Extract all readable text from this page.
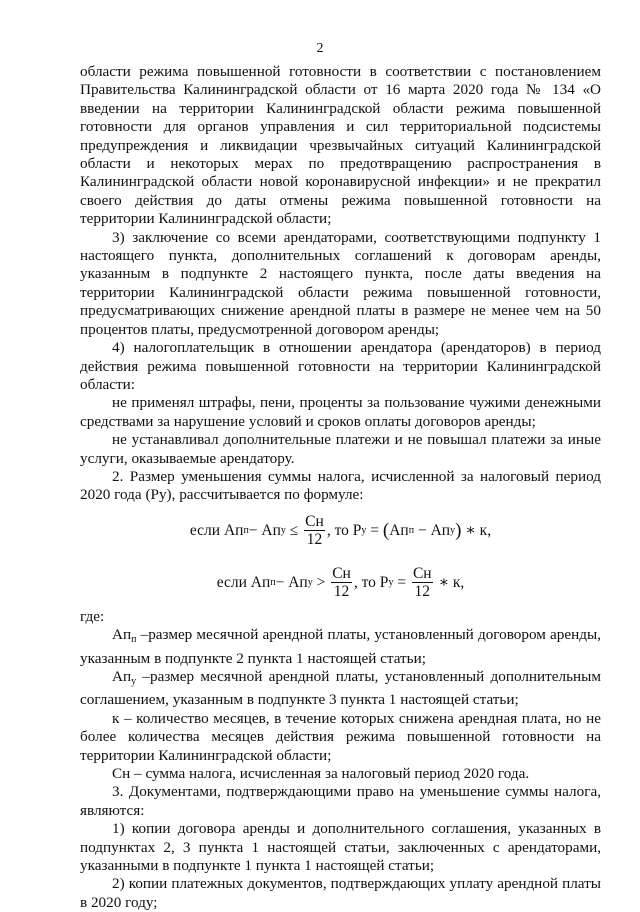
2

области режима повышенной готовности в соответствии с постановлением Правительства Калининградской области от 16 марта 2020 года № 134 «О введении на территории Калининградской области режима повышенной готовности для органов управления и сил территориальной подсистемы предупреждения и ликвидации чрезвычайных ситуаций Калининградской области и некоторых мерах по предотвращению распространения в Калининградской области новой коронавирусной инфекции» и не прекратил своего действия до даты отмены режима повышенной готовности на территории Калининградской области;

3) заключение со всеми арендаторами, соответствующими подпункту 1 настоящего пункта, дополнительных соглашений к договорам аренды, указанным в подпункте 2 настоящего пункта, после даты введения на территории Калининградской области режима повышенной готовности, предусматривающих снижение арендной платы в размере не менее чем на 50 процентов платы, предусмотренной договором аренды;

4) налогоплательщик в отношении арендатора (арендаторов) в период действия режима повышенной готовности на территории Калининградской области:

не применял штрафы, пени, проценты за пользование чужими денежными средствами за нарушение условий и сроков оплаты договоров аренды;

не устанавливал дополнительные платежи и не повышал платежи за иные услуги, оказываемые арендатору.

2. Размер уменьшения суммы налога, исчисленной за налоговый период 2020 года (Pу), рассчитывается по формуле:

если Ап п − Ап $у \le \frac{Сн}{12}$ , то Р у = ( Ап п − Ап у ) ∗ к,
если Ап п − Ап $у > \frac{Сн}{12}$ , то Р $у = \frac{Сн}{12}$ ∗ к,

где:

$Ап_п$ –размер месячной арендной платы, установленный договором аренды, указанным в подпункте 2 пункта 1 настоящей статьи;

$Ап_у$ –размер месячной арендной платы, установленный дополнительным соглашением, указанным в подпункте 3 пункта 1 настоящей статьи;

к – количество месяцев, в течение которых снижена арендная плата, но не более количества месяцев действия режима повышенной готовности на территории Калининградской области;

Сн – сумма налога, исчисленная за налоговый период 2020 года.

3. Документами, подтверждающими право на уменьшение суммы налога, являются:

1) копии договора аренды и дополнительного соглашения, указанных в подпунктах 2, 3 пункта 1 настоящей статьи, заключенных с арендаторами, указанными в подпункте 1 пункта 1 настоящей статьи;

2) копии платежных документов, подтверждающих уплату арендной платы в 2020 году;
